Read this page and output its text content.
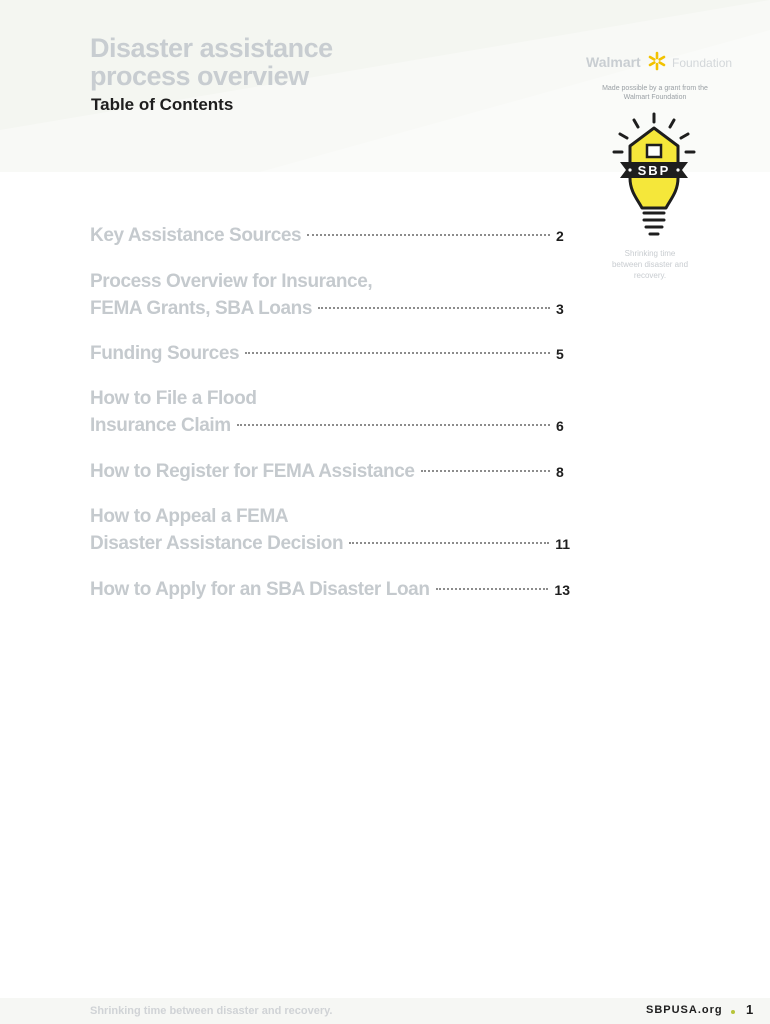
Disaster assistance
process overview
Table of Contents
Walmart	Foundation
Made possible by a grant from the Walmart Foundation
SBP
Shrinking time between disaster and recovery.
Key Assistance Sources	2
Process Overview for Insurance,
FEMA Grants, SBA Loans	3
Funding Sources	5
How to File a Flood
Insurance Claim	6
How to Register for FEMA Assistance	8
How to Appeal a FEMA
Disaster Assistance Decision	11
How to Apply for an SBA Disaster Loan	13
Shrinking time between disaster and recovery.	SBPUSA.org 1
